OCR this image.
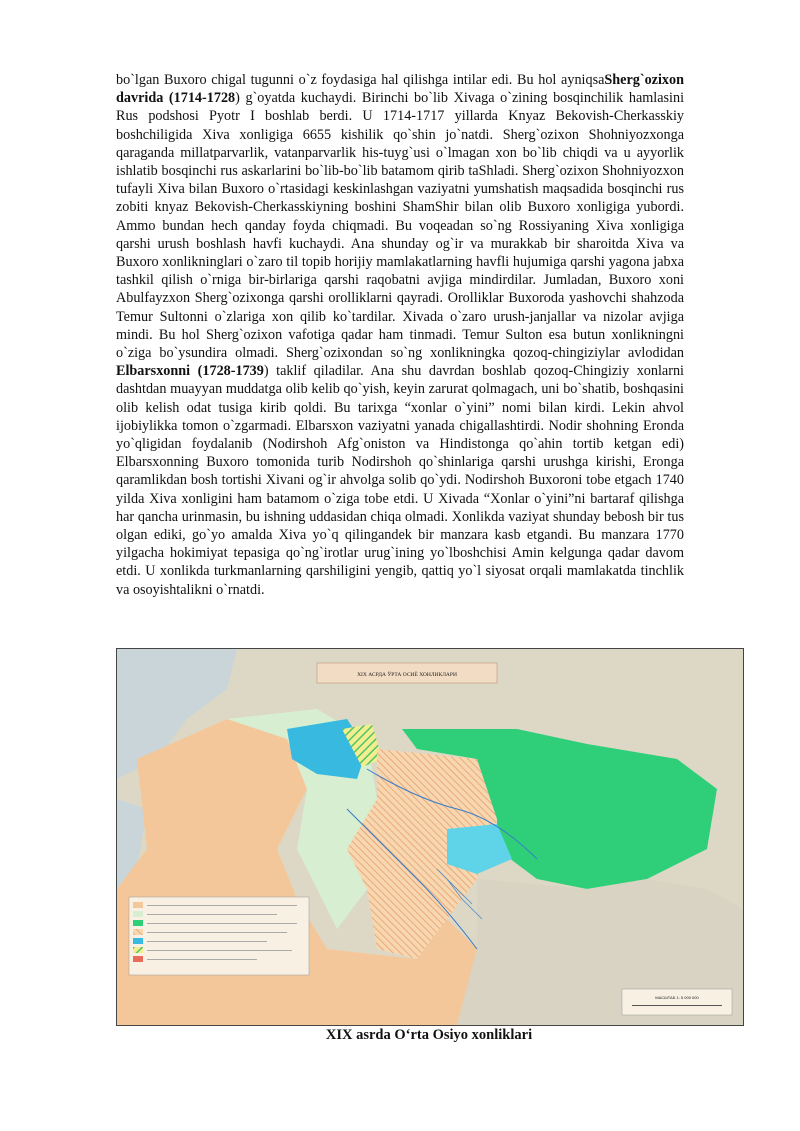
bo`lgan Buxoro chigal tugunni o`z foydasiga hal qilishga intilar edi. Bu hol ayniqsaSherg`ozixon davrida (1714-1728) g`oyatda kuchaydi. Birinchi bo`lib Xivaga o`zining bosqinchilik hamlasini Rus podshosi Pyotr I boshlab berdi. U 1714-1717 yillarda Knyaz Bekovish-Cherkasskiy boshchiligida Xiva xonligiga 6655 kishilik qo`shin jo`natdi. Sherg`ozixon Shohniyozxonga qaraganda millatparvarlik, vatanparvarlik his-tuyg`usi o`lmagan xon bo`lib chiqdi va u ayyorlik ishlatib bosqinchi rus askarlarini bo`lib-bo`lib batamom qirib taShladi. Sherg`ozixon Shohniyozxon tufayli Xiva bilan Buxoro o`rtasidagi keskinlashgan vaziyatni yumshatish maqsadida bosqinchi rus zobiti knyaz Bekovish-Cherkasskiyning boshini ShamShir bilan olib Buxoro xonligiga yubordi. Ammo bundan hech qanday foyda chiqmadi. Bu voqeadan so`ng Rossiyaning Xiva xonligiga qarshi urush boshlash havfi kuchaydi. Ana shunday og`ir va murakkab bir sharoitda Xiva va Buxoro xonlikninglari o`zaro til topib horijiy mamlakatlarning havfli hujumiga qarshi yagona jabxa tashkil qilish o`rniga bir-birlariga qarshi raqobatni avjiga mindirdilar. Jumladan, Buxoro xoni Abulfayzxon Sherg`ozixonga qarshi orolliklarni qayradi. Orolliklar Buxoroda yashovchi shahzoda Temur Sultonni o`zlariga xon qilib ko`tardilar. Xivada o`zaro urush-janjallar va nizolar avjiga mindi. Bu hol Sherg`ozixon vafotiga qadar ham tinmadi. Temur Sulton esa butun xonlikningni o`ziga bo`ysundira olmadi. Sherg`ozixondan so`ng xonlikningka qozoq-chingiziylar avlodidan Elbarsxonni (1728-1739) taklif qiladilar. Ana shu davrdan boshlab qozoq-Chingiziy xonlarni dashtdan muayyan muddatga olib kelib qo`yish, keyin zarurat qolmagach, uni bo`shatib, boshqasini olib kelish odat tusiga kirib qoldi. Bu tarixga “xonlar o`yini” nomi bilan kirdi. Lekin ahvol ijobiylikka tomon o`zgarmadi. Elbarsxon vaziyatni yanada chigallashtirdi. Nodir shohning Eronda yo`qligidan foydalanib (Nodirshoh Afg`oniston va Hindistonga qo`ahin tortib ketgan edi) Elbarsxonning Buxoro tomonida turib Nodirshoh qo`shinlariga qarshi urushga kirishi, Eronga qaramlikdan bosh tortishi Xivani og`ir ahvolga solib qo`ydi. Nodirshoh Buxoroni tobe etgach 1740 yilda Xiva xonligini ham batamom o`ziga tobe etdi. U Xivada “Xonlar o`yini”ni bartaraf qilishga har qancha urinmasin, bu ishning uddasidan chiqa olmadi. Xonlikda vaziyat shunday bebosh bir tus olgan ediki, go`yo amalda Xiva yo`q qilingandek bir manzara kasb etgandi. Bu manzara 1770 yilgacha hokimiyat tepasiga qo`ng`irotlar urug`ining yo`lboshchisi Amin kelgunga qadar davom etdi. U xonlikda turkmanlarning qarshiligini yengib, qattiq yo`l siyosat orqali mamlakatda tinchlik va osoyishtalikni o`rnatdi.
XIX АСРДА ЎРТА ОСИЁ ХОНЛИКЛАРИ
МАСШТАБ 1: 5 000 000
XIX asrda O‘rta Osiyo xonliklari
